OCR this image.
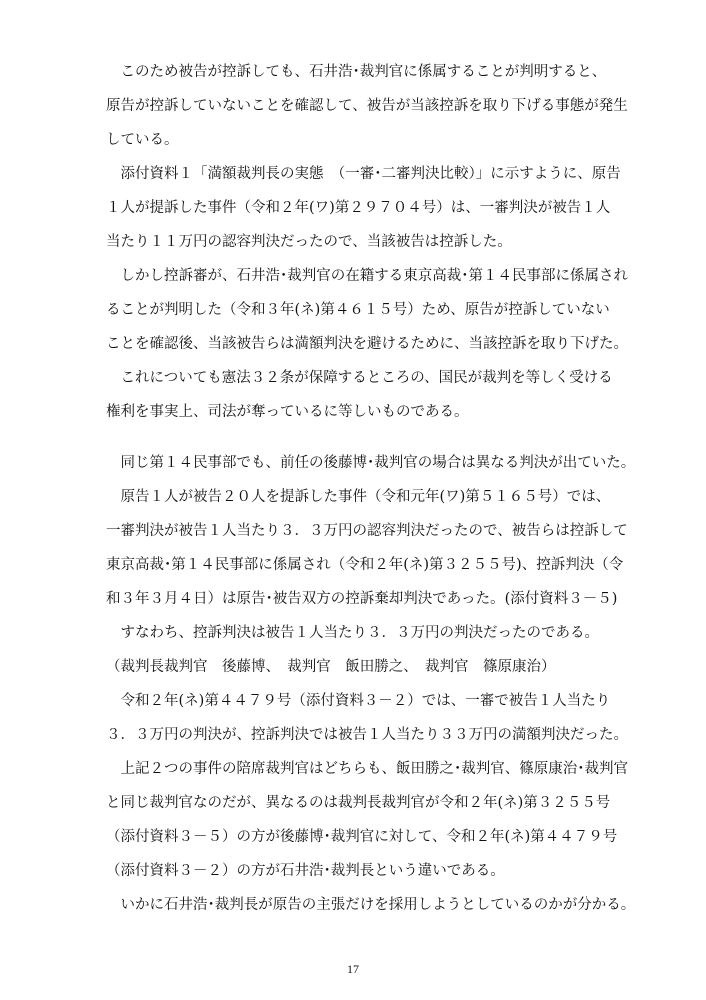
　このため被告が控訴しても、石井浩･裁判官に係属することが判明すると、
原告が控訴していないことを確認して、被告が当該控訴を取り下げる事態が発生
している。
　添付資料１「満額裁判長の実態　（一審･二審判決比較）」に示すように、原告
１人が提訴した事件（令和２年(ワ)第２９７０４号）は、一審判決が被告１人
当たり１１万円の認容判決だったので、当該被告は控訴した。
　しかし控訴審が、石井浩･裁判官の在籍する東京高裁･第１４民事部に係属され
ることが判明した（令和３年(ネ)第４６１５号）ため、原告が控訴していない
ことを確認後、当該被告らは満額判決を避けるために、当該控訴を取り下げた。
　これについても憲法３２条が保障するところの、国民が裁判を等しく受ける
権利を事実上、司法が奪っているに等しいものである。
　同じ第１４民事部でも、前任の後藤博･裁判官の場合は異なる判決が出ていた。
　原告１人が被告２０人を提訴した事件（令和元年(ワ)第５１６５号）では、
一審判決が被告１人当たり３．３万円の認容判決だったので、被告らは控訴して
東京高裁･第１４民事部に係属され（令和２年(ネ)第３２５５号)、控訴判決（令
和３年３月４日）は原告･被告双方の控訴棄却判決であった。(添付資料３－５)
　すなわち、控訴判決は被告１人当たり３．３万円の判決だったのである。
（裁判長裁判官　後藤博、　裁判官　飯田勝之、　裁判官　篠原康治）
　令和２年(ネ)第４４７９号（添付資料３－２）では、一審で被告１人当たり
３．３万円の判決が、控訴判決では被告１人当たり３３万円の満額判決だった。
　上記２つの事件の陪席裁判官はどちらも、飯田勝之･裁判官、篠原康治･裁判官
と同じ裁判官なのだが、異なるのは裁判長裁判官が令和２年(ネ)第３２５５号
（添付資料３－５）の方が後藤博･裁判官に対して、令和２年(ネ)第４４７９号
（添付資料３－２）の方が石井浩･裁判長という違いである。
　いかに石井浩･裁判長が原告の主張だけを採用しようとしているのかが分かる。
17
